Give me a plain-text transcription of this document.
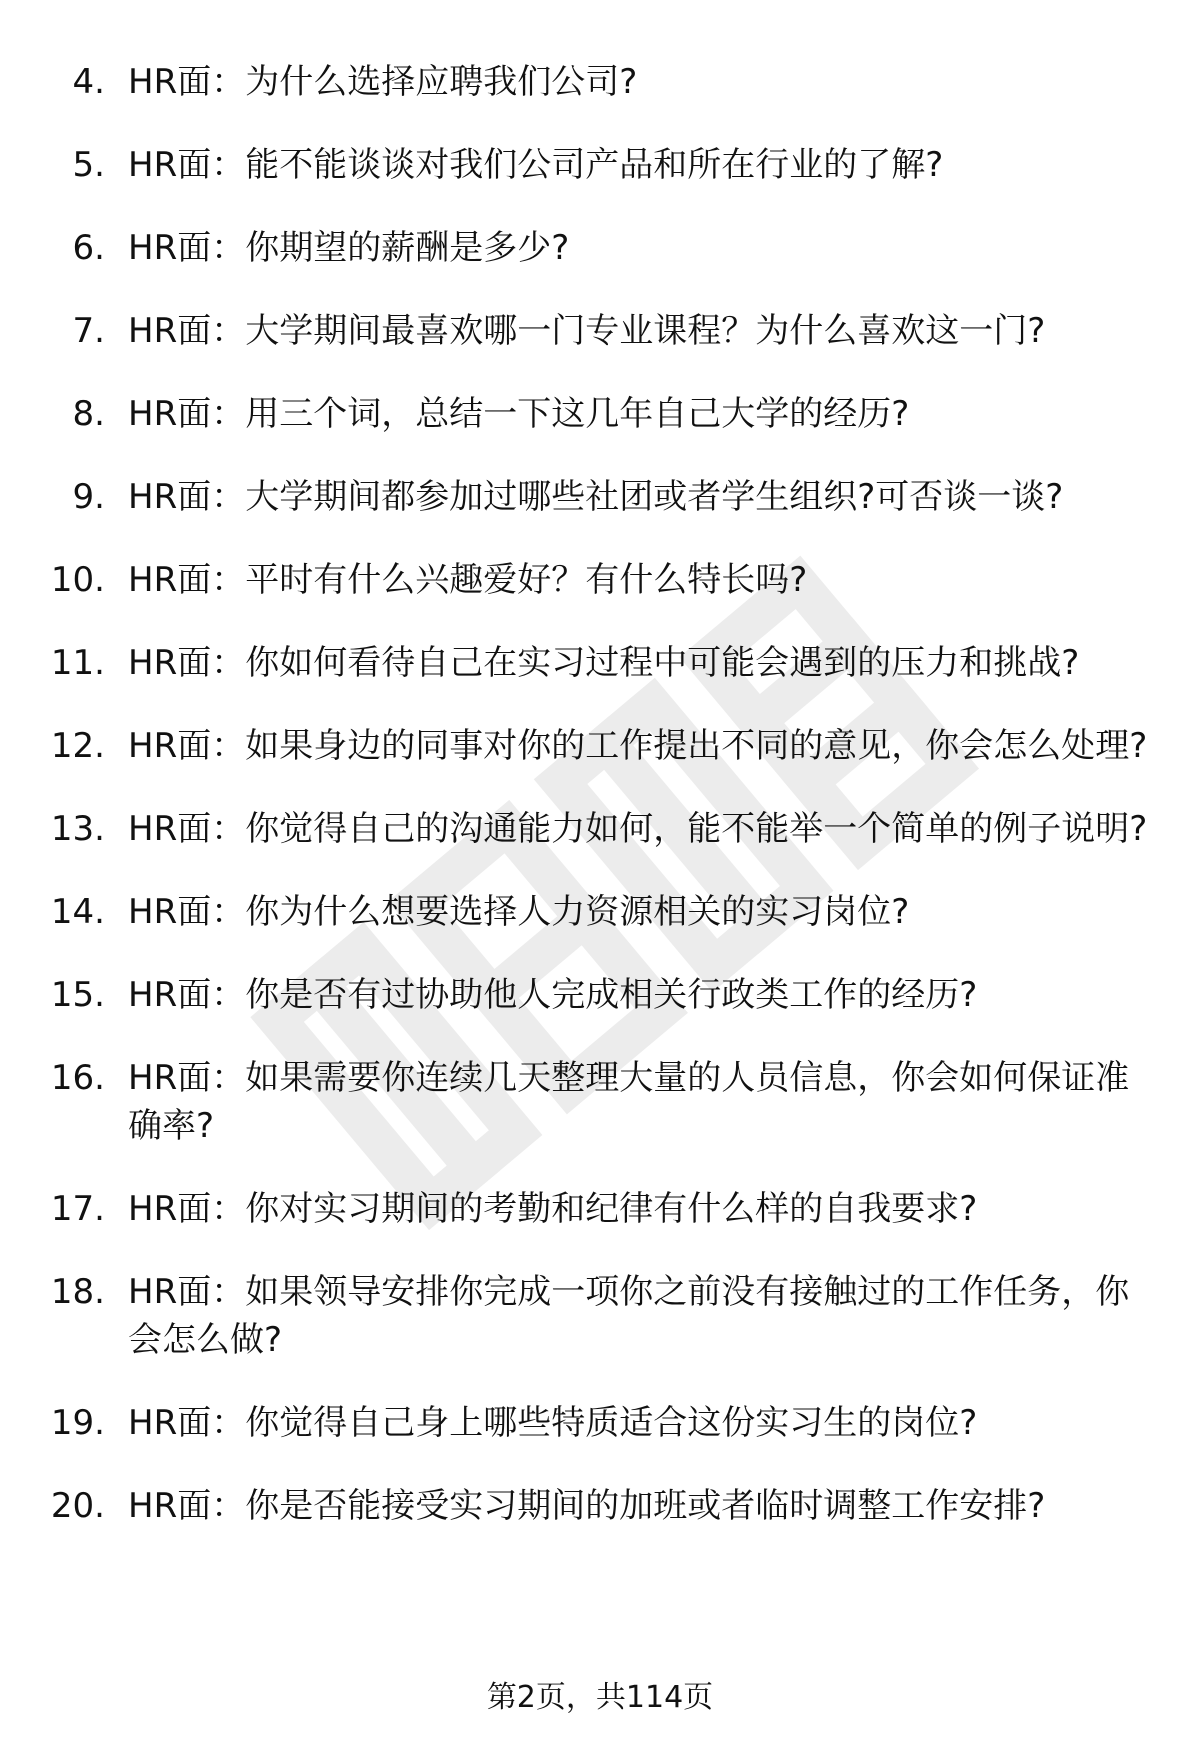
4. HR面：为什么选择应聘我们公司?
5. HR面：能不能谈谈对我们公司产品和所在行业的了解?
6. HR面：你期望的薪酬是多少?
7. HR面：大学期间最喜欢哪一门专业课程？为什么喜欢这一门?
8. HR面：用三个词，总结一下这几年自己大学的经历?
9. HR面：大学期间都参加过哪些社团或者学生组织?可否谈一谈?
10. HR面：平时有什么兴趣爱好？有什么特长吗?
11. HR面：你如何看待自己在实习过程中可能会遇到的压力和挑战?
12. HR面：如果身边的同事对你的工作提出不同的意见，你会怎么处理?
13. HR面：你觉得自己的沟通能力如何，能不能举一个简单的例子说明?
14. HR面：你为什么想要选择人力资源相关的实习岗位?
15. HR面：你是否有过协助他人完成相关行政类工作的经历?
16. HR面：如果需要你连续几天整理大量的人员信息，你会如何保证准确率?
17. HR面：你对实习期间的考勤和纪律有什么样的自我要求?
18. HR面：如果领导安排你完成一项你之前没有接触过的工作任务，你会怎么做?
19. HR面：你觉得自己身上哪些特质适合这份实习生的岗位?
20. HR面：你是否能接受实习期间的加班或者临时调整工作安排?
第2页，共114页
